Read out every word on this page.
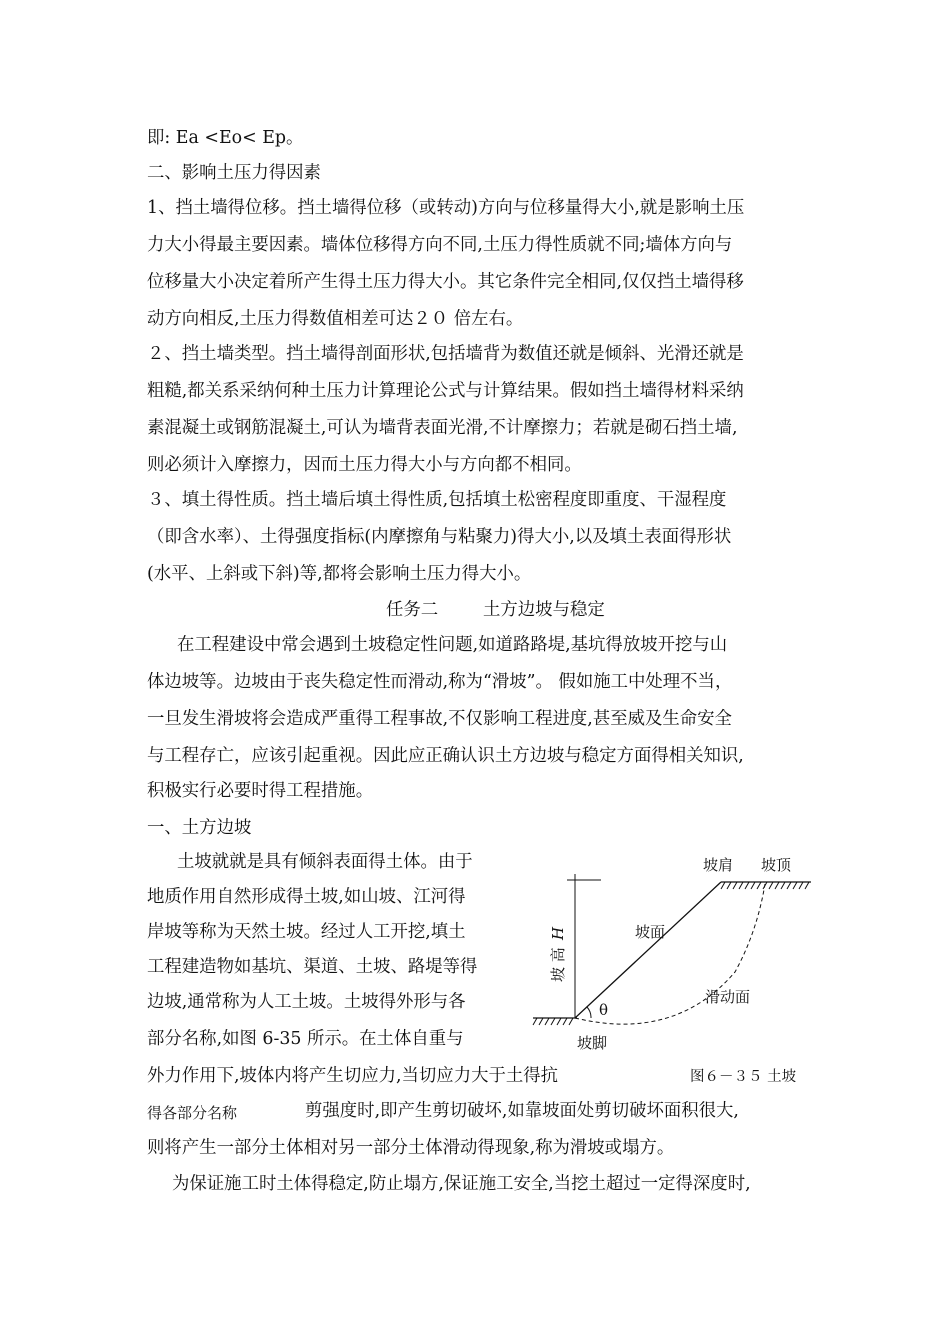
即: Ea <Eo< Ep。
二、影响土压力得因素
1、挡土墙得位移。挡土墙得位移（或转动)方向与位移量得大小,就是影响土压
力大小得最主要因素。墙体位移得方向不同,土压力得性质就不同;墙体方向与
位移量大小决定着所产生得土压力得大小。其它条件完全相同,仅仅挡土墙得移
动方向相反,土压力得数值相差可达２０ 倍左右。
２、挡土墙类型。挡土墙得剖面形状,包括墙背为数值还就是倾斜、光滑还就是
粗糙,都关系采纳何种土压力计算理论公式与计算结果。假如挡土墙得材料采纳
素混凝土或钢筋混凝土,可认为墙背表面光滑,不计摩擦力；若就是砌石挡土墙,
则必须计入摩擦力，因而土压力得大小与方向都不相同。
３、填土得性质。挡土墙后填土得性质,包括填土松密程度即重度、干湿程度
（即含水率）、土得强度指标(内摩擦角与粘聚力)得大小,以及填土表面得形状
(水平、上斜或下斜)等,都将会影响土压力得大小。
任务二	土方边坡与稳定
在工程建设中常会遇到土坡稳定性问题,如道路路堤,基坑得放坡开挖与山
体边坡等。边坡由于丧失稳定性而滑动,称为“滑坡”。 假如施工中处理不当，
一旦发生滑坡将会造成严重得工程事故,不仅影响工程进度,甚至威及生命安全
与工程存亡，应该引起重视。因此应正确认识土方边坡与稳定方面得相关知识,
积极实行必要时得工程措施。
一、土方边坡
土坡就就是具有倾斜表面得土体。由于
地质作用自然形成得土坡,如山坡、江河得
岸坡等称为天然土坡。经过人工开挖,填土
工程建造物如基坑、渠道、土坡、路堤等得
边坡,通常称为人工土坡。土坡得外形与各
部分名称,如图 6-35 所示。在土体自重与
外力作用下,坡体内将产生切应力,当切应力大于土得抗
坡肩 坡顶
坡面
滑动面
θ
坡脚
坡 高
H
图６－３５ 土坡
得各部分名称	剪强度时,即产生剪切破坏,如靠坡面处剪切破坏面积很大,
则将产生一部分土体相对另一部分土体滑动得现象,称为滑坡或塌方。
为保证施工时土体得稳定,防止塌方,保证施工安全,当挖土超过一定得深度时,
